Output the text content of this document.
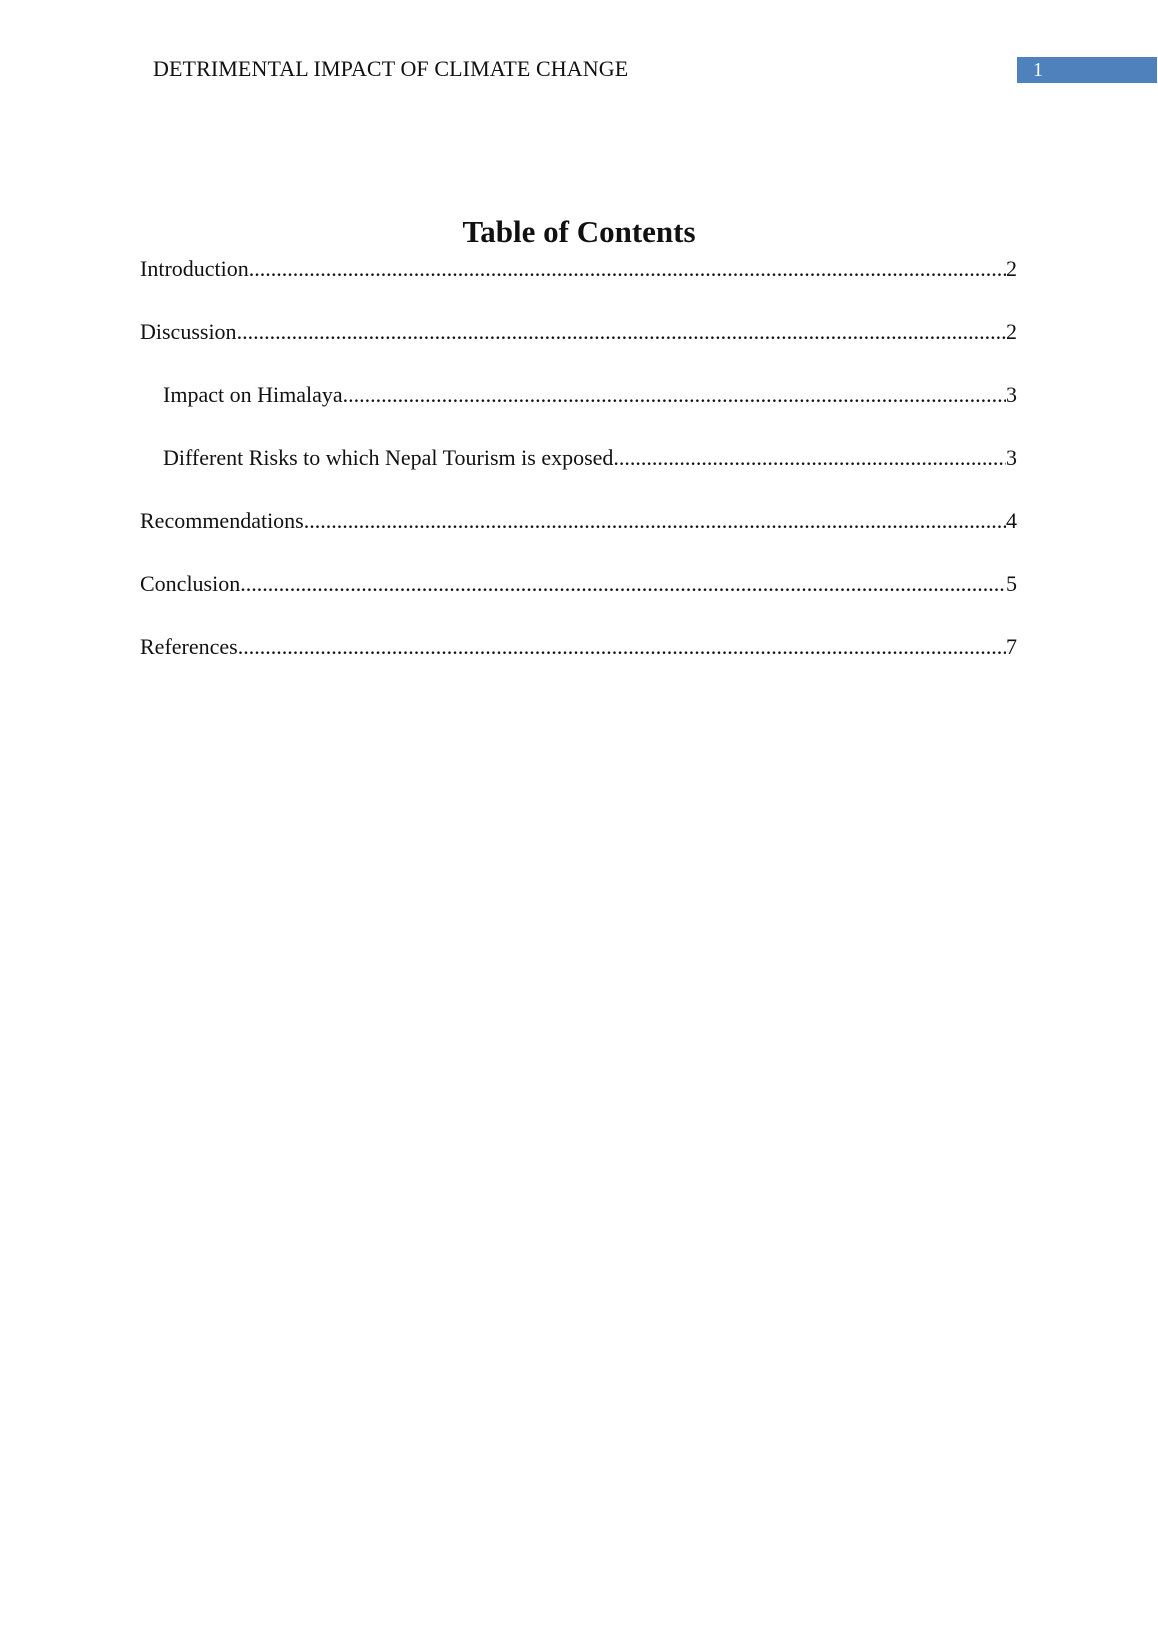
DETRIMENTAL IMPACT OF CLIMATE CHANGE	1
Table of Contents
Introduction .....	2
Discussion .....	2
Impact on Himalaya .....	3
Different Risks to which Nepal Tourism is exposed .....	3
Recommendations .....	4
Conclusion .....	5
References .....	7
